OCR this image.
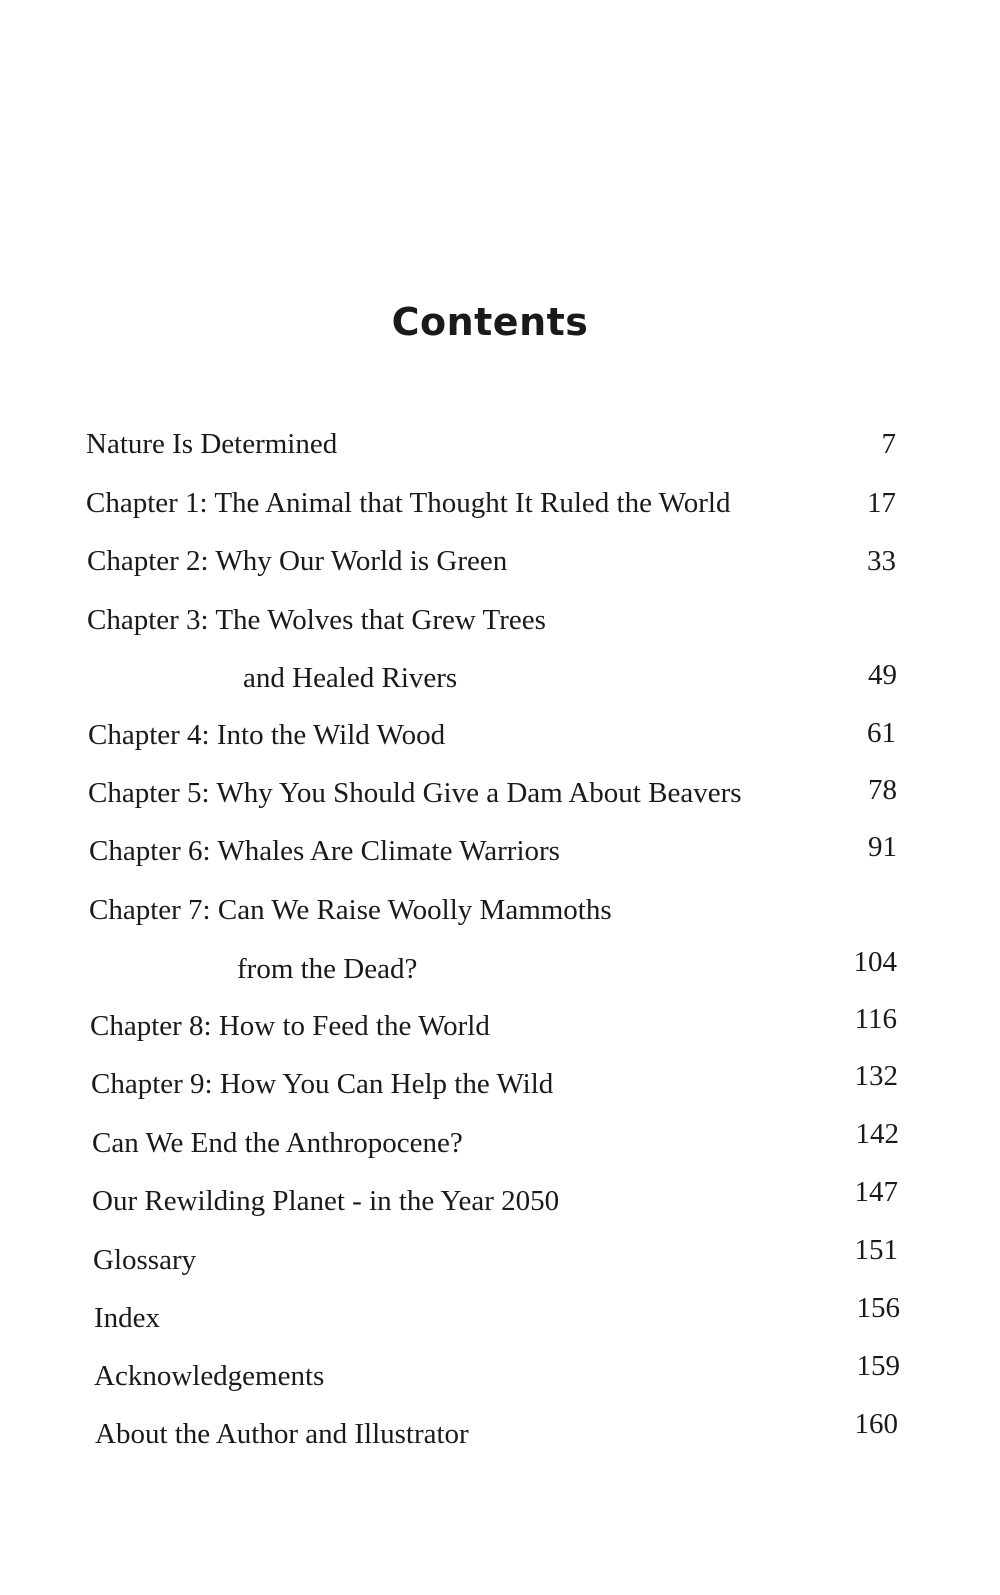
Contents
Nature Is Determined	7
Chapter 1: The Animal that Thought It Ruled the World	17
Chapter 2: Why Our World is Green	33
Chapter 3: The Wolves that Grew Trees
and Healed Rivers	49
Chapter 4: Into the Wild Wood	61
Chapter 5: Why You Should Give a Dam About Beavers	78
Chapter 6: Whales Are Climate Warriors	91
Chapter 7: Can We Raise Woolly Mammoths
from the Dead?	104
Chapter 8: How to Feed the World	116
Chapter 9: How You Can Help the Wild	132
Can We End the Anthropocene?	142
Our Rewilding Planet - in the Year 2050	147
Glossary	151
Index	156
Acknowledgements	159
About the Author and Illustrator	160
